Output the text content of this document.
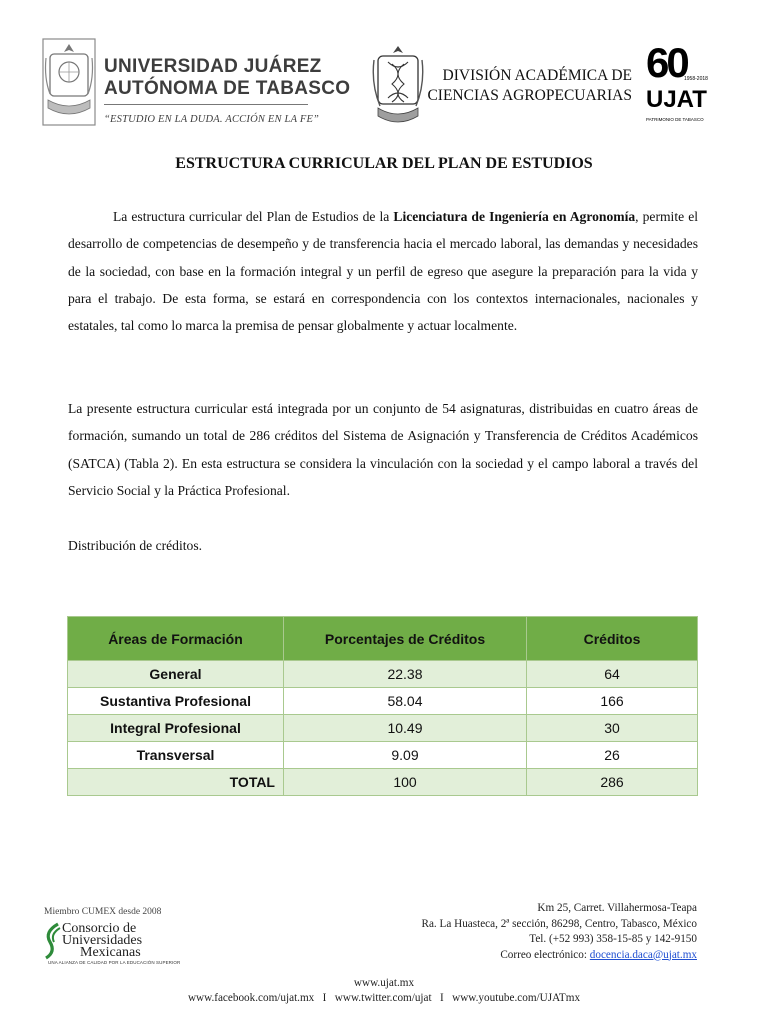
UNIVERSIDAD JUÁREZ
AUTÓNOMA DE TABASCO
“ESTUDIO EN LA DUDA. ACCIÓN EN LA FE”
DIVISIÓN ACADÉMICA DE
CIENCIAS AGROPECUARIAS
60
1958-2018
UJAT
PATRIMONIO DE TABASCO
ESTRUCTURA CURRICULAR DEL PLAN DE ESTUDIOS
La estructura curricular del Plan de Estudios de la Licenciatura de Ingeniería en Agronomía, permite el desarrollo de competencias de desempeño y de transferencia hacia el mercado laboral, las demandas y necesidades de la sociedad, con base en la formación integral y un perfil de egreso que asegure la preparación para la vida y para el trabajo. De esta forma, se estará en correspondencia con los contextos internacionales, nacionales y estatales, tal como lo marca la premisa de pensar globalmente y actuar localmente.
La presente estructura curricular está integrada por un conjunto de 54 asignaturas, distribuidas en cuatro áreas de formación, sumando un total de 286 créditos del Sistema de Asignación y Transferencia de Créditos Académicos (SATCA) (Tabla 2). En esta estructura se considera la vinculación con la sociedad y el campo laboral a través del Servicio Social y la Práctica Profesional.
Distribución de créditos.
Áreas de Formación	Porcentajes de Créditos	Créditos
General	22.38	64
Sustantiva Profesional	58.04	166
Integral Profesional	10.49	30
Transversal	9.09	26
TOTAL	100	286
Miembro CUMEX desde 2008
Consorcio de
Universidades
Mexicanas
UNA ALIANZA DE CALIDAD POR LA EDUCACIÓN SUPERIOR
Km 25, Carret. Villahermosa-Teapa
Ra. La Huasteca, 2ª sección, 86298, Centro, Tabasco, México
Tel. (+52 993) 358-15-85 y 142-9150
Correo electrónico: docencia.daca@ujat.mx
www.ujat.mx
www.facebook.com/ujat.mx   I   www.twitter.com/ujat   I   www.youtube.com/UJATmx
